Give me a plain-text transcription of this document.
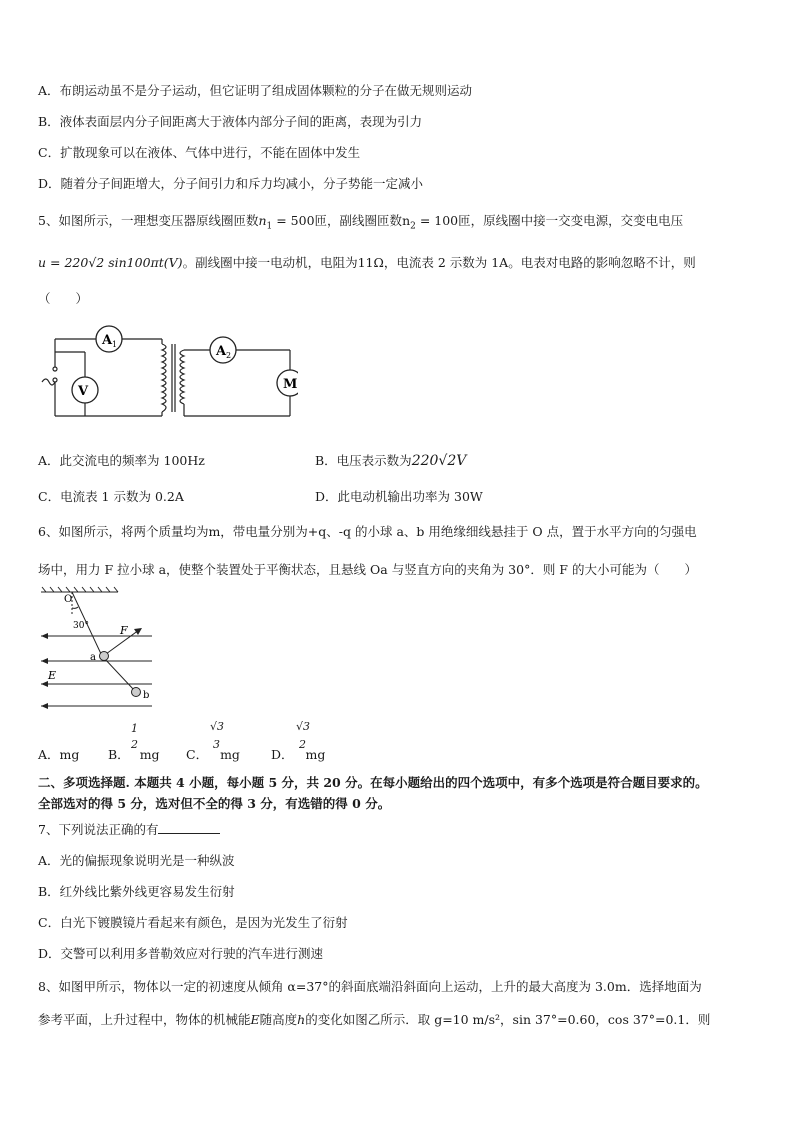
A．布朗运动虽不是分子运动，但它证明了组成固体颗粒的分子在做无规则运动
B．液体表面层内分子间距离大于液体内部分子间的距离，表现为引力
C．扩散现象可以在液体、气体中进行，不能在固体中发生
D．随着分子间距增大，分子间引力和斥力均减小，分子势能一定减小
5、如图所示，一理想变压器原线圈匝数$n_1 = 500$匝，副线圈匝数$n_2 = 100$匝，原线圈中接一交变电源，交变电电压
u = 220√2 sin100πt(V)。副线圈中接一电动机，电阻为11Ω，电流表 2 示数为 1A。电表对电路的影响忽略不计，则
（　　）
A 1
V
A 2
M
A．此交流电的频率为 100Hz	B．电压表示数为220√2V
C．电流表 1 示数为 0.2A	D．此电动机输出功率为 30W
6、如图所示，将两个质量均为m，带电量分别为+q、-q 的小球 a、b 用绝缘细线悬挂于 O 点，置于水平方向的匀强电
场中，用力 F 拉小球 a，使整个装置处于平衡状态，且悬线 Oa 与竖直方向的夹角为 30°．则 F 的大小可能为（　　）
O
30°	F
a
E
b
A．mg B． mg
1
2
C． mg
√3
3
D． mg
√3
2
二、多项选择题. 本题共 4 小题，每小题 5 分，共 20 分。在每小题给出的四个选项中，有多个选项是符合题目要求的。
全部选对的得 5 分，选对但不全的得 3 分，有选错的得 0 分。
7、下列说法正确的有
A．光的偏振现象说明光是一种纵波
B．红外线比紫外线更容易发生衍射
C．白光下镀膜镜片看起来有颜色，是因为光发生了衍射
D．交警可以利用多普勒效应对行驶的汽车进行测速
8、如图甲所示，物体以一定的初速度从倾角 α=37°的斜面底端沿斜面向上运动，上升的最大高度为 3.0m．选择地面为
参考平面，上升过程中，物体的机械能E随高度h的变化如图乙所示．取 g=10 m/s²，sin 37°=0.60，cos 37°=0.1．则
